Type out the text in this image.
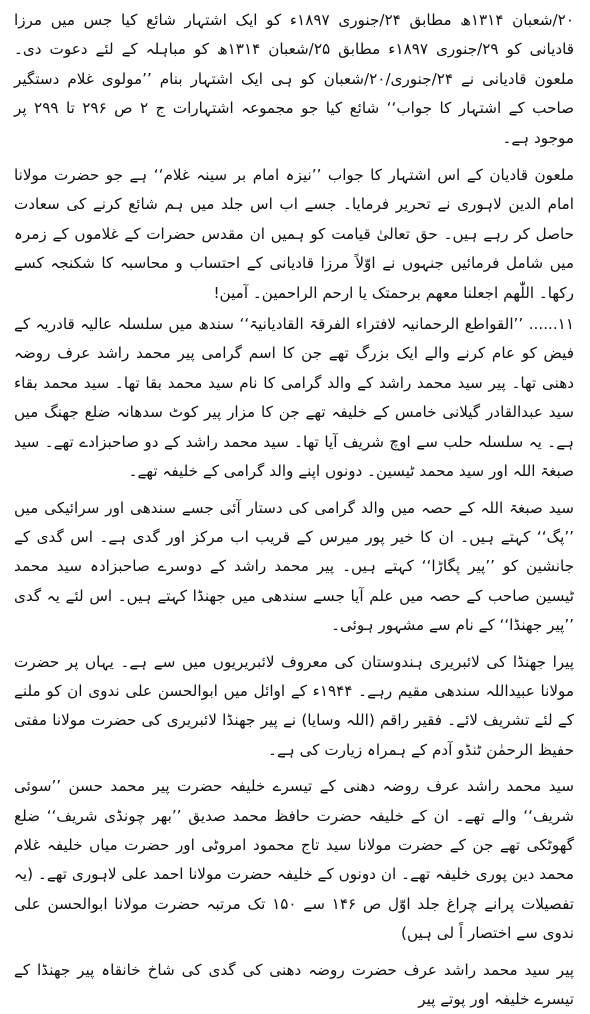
۲۰/شعبان ۱۳۱۴ھ مطابق ۲۴/جنوری ۱۸۹۷ء کو ایک اشتہار شائع کیا جس میں مرزا قادیانی کو ۲۹/جنوری ۱۸۹۷ء مطابق ۲۵/شعبان ۱۳۱۴ھ کو مباہلہ کے لئے دعوت دی۔ ملعون قادیانی نے ۲۴/جنوری/۲۰/شعبان کو ہی ایک اشتہار بنام ’’مولوی غلام دستگیر صاحب کے اشتہار کا جواب‘‘ شائع کیا جو مجموعہ اشتہارات ج ۲ ص ۲۹۶ تا ۲۹۹ پر موجود ہے۔

ملعون قادیان کے اس اشتہار کا جواب ’’نیزہ امام بر سینہ غلام‘‘ ہے جو حضرت مولانا امام الدین لاہوری نے تحریر فرمایا۔ جسے اب اس جلد میں ہم شائع کرنے کی سعادت حاصل کر رہے ہیں۔ حق تعالیٰ قیامت کو ہمیں ان مقدس حضرات کے غلاموں کے زمرہ میں شامل فرمائیں جنہوں نے اوّلاً مرزا قادیانی کے احتساب و محاسبہ کا شکنجہ کسے رکھا۔ اللّٰھم اجعلنا معھم برحمتک یا ارحم الراحمین۔ آمین!

۱۱...... ’’القواطع الرحمانیہ لافتراء الفرقۃ القادیانیۃ‘‘ سندھ میں سلسلہ عالیہ قادریہ کے فیض کو عام کرنے والے ایک بزرگ تھے جن کا اسم گرامی پیر محمد راشد عرف روضہ دھنی تھا۔ پیر سید محمد راشد کے والد گرامی کا نام سید محمد بقا تھا۔ سید محمد بقاء سید عبدالقادر گیلانی خامس کے خلیفہ تھے جن کا مزار پیر کوٹ سدھانہ ضلع جھنگ میں ہے۔ یہ سلسلہ حلب سے اوچ شریف آیا تھا۔ سید محمد راشد کے دو صاحبزادے تھے۔ سید صبغۃ اللہ اور سید محمد ٹیسین۔ دونوں اپنے والد گرامی کے خلیفہ تھے۔

سید صبغۃ اللہ کے حصہ میں والد گرامی کی دستار آئی جسے سندھی اور سرائیکی میں ’’پگ‘‘ کہتے ہیں۔ ان کا خیر پور میرس کے قریب اب مرکز اور گدی ہے۔ اس گدی کے جانشین کو ’’پیر پگاڑا‘‘ کہتے ہیں۔ پیر محمد راشد کے دوسرے صاحبزادہ سید محمد ٹیسین صاحب کے حصہ میں علم آیا جسے سندھی میں جھنڈا کہتے ہیں۔ اس لئے یہ گدی ’’پیر جھنڈا‘‘ کے نام سے مشہور ہوئی۔

پیرا جھنڈا کی لائبریری ہندوستان کی معروف لائبریریوں میں سے ہے۔ یہاں پر حضرت مولانا عبیداللہ سندھی مقیم رہے۔ ۱۹۴۴ء کے اوائل میں ابوالحسن علی ندوی ان کو ملنے کے لئے تشریف لائے۔ فقیر راقم (اللہ وسایا) نے پیر جھنڈا لائبریری کی حضرت مولانا مفتی حفیظ الرحمٰن ٹنڈو آدم کے ہمراہ زیارت کی ہے۔

سید محمد راشد عرف روضہ دھنی کے تیسرے خلیفہ حضرت پیر محمد حسن ’’سوئی شریف‘‘ والے تھے۔ ان کے خلیفہ حضرت حافظ محمد صدیق ’’بھر چونڈی شریف‘‘ ضلع گھوٹکی تھے جن کے حضرت مولانا سید تاج محمود امروٹی اور حضرت میاں خلیفہ غلام محمد دین پوری خلیفہ تھے۔ ان دونوں کے خلیفہ حضرت مولانا احمد علی لاہوری تھے۔ (یہ تفصیلات پرانے چراغ جلد اوّل ص ۱۴۶ سے ۱۵۰ تک مرتبہ حضرت مولانا ابوالحسن علی ندوی سے اختصار اً لی ہیں)

پیر سید محمد راشد عرف حضرت روضہ دھنی کی گدی کی شاخ خانقاہ پیر جھنڈا کے تیسرے خلیفہ اور پوتے پیر
